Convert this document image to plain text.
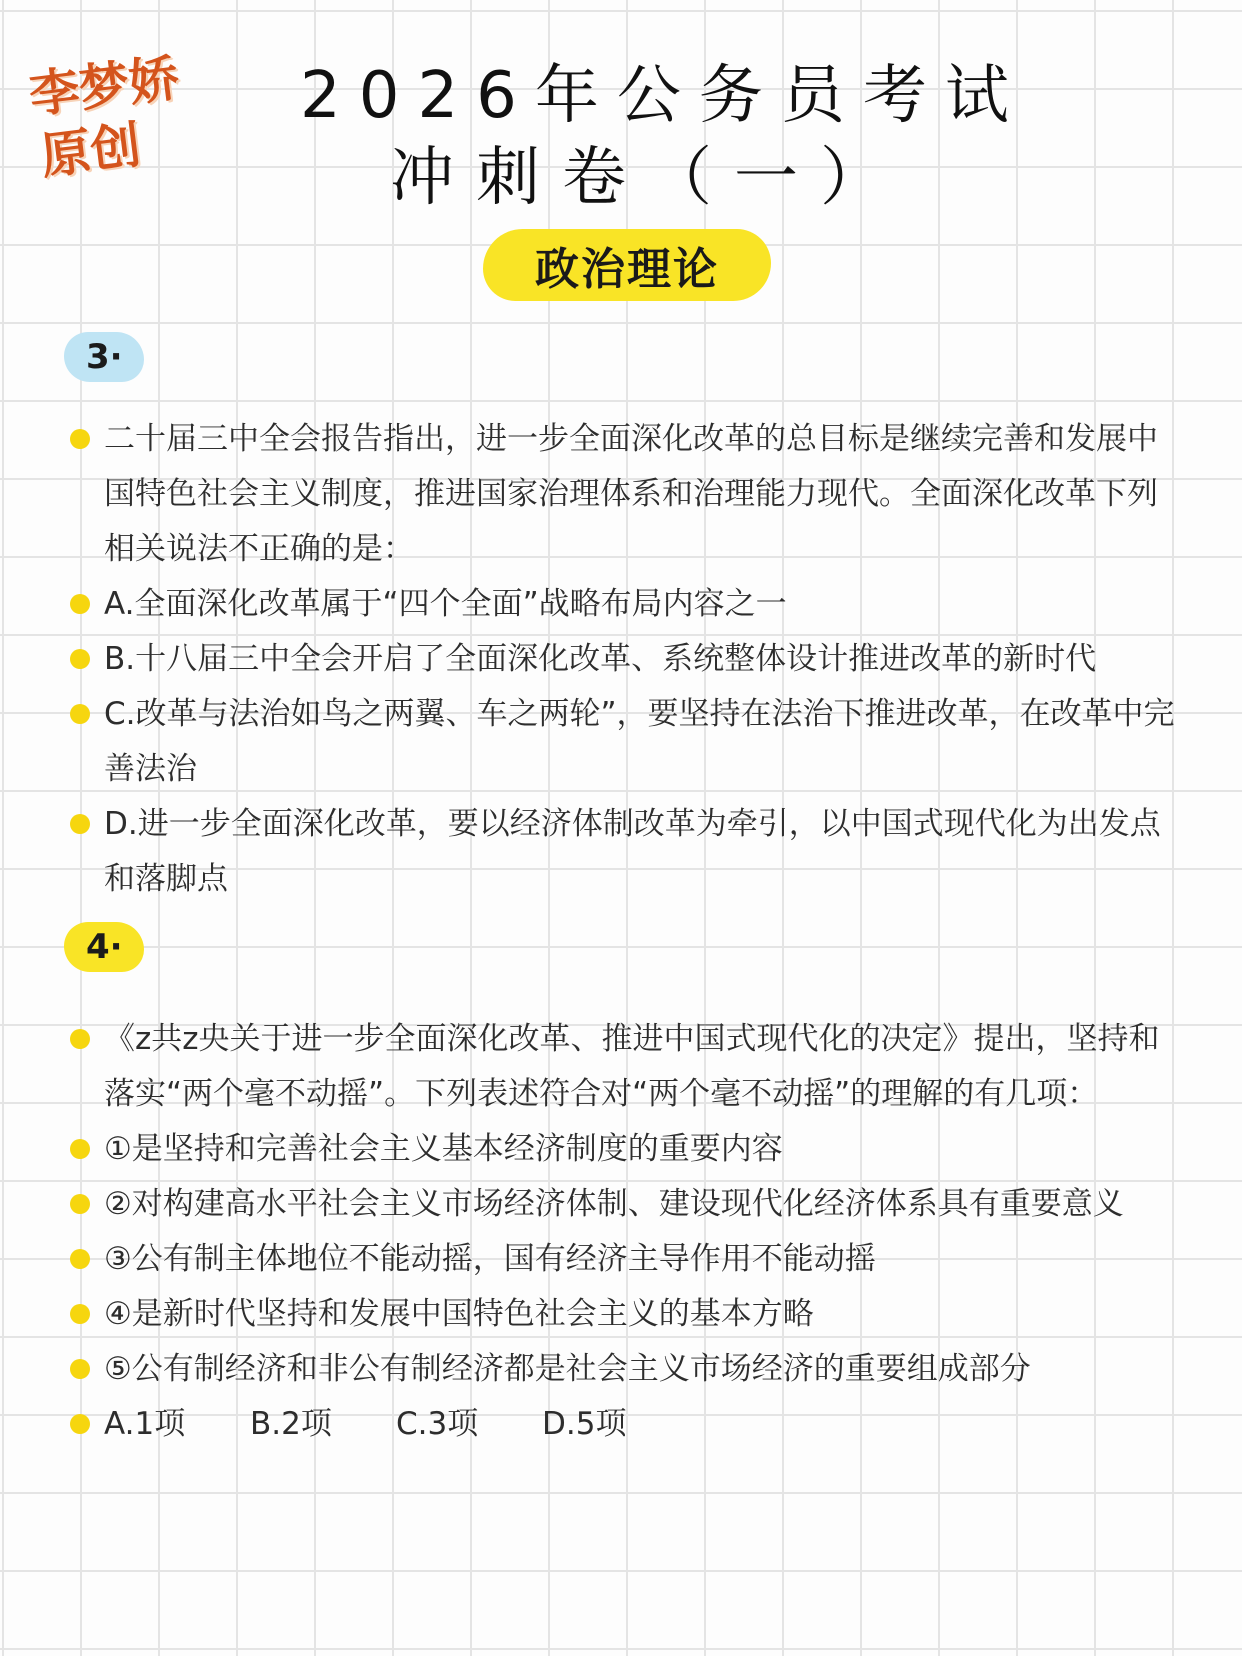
李梦娇
原创
2026年公务员考试
冲刺卷（一）
政治理论
3·
二十届三中全会报告指出，进一步全面深化改革的总目标是继续完善和发展中国特色社会主义制度，推进国家治理体系和治理能力现代。全面深化改革下列相关说法不正确的是：
A.全面深化改革属于“四个全面”战略布局内容之一
B.十八届三中全会开启了全面深化改革、系统整体设计推进改革的新时代
C.改革与法治如鸟之两翼、车之两轮”，要坚持在法治下推进改革，在改革中完善法治
D.进一步全面深化改革，要以经济体制改革为牵引，以中国式现代化为出发点和落脚点
4·
《z共z央关于进一步全面深化改革、推进中国式现代化的决定》提出，坚持和落实“两个毫不动摇”。下列表述符合对“两个毫不动摇”的理解的有几项：
①是坚持和完善社会主义基本经济制度的重要内容
②对构建高水平社会主义市场经济体制、建设现代化经济体系具有重要意义
③公有制主体地位不能动摇，国有经济主导作用不能动摇
④是新时代坚持和发展中国特色社会主义的基本方略
⑤公有制经济和非公有制经济都是社会主义市场经济的重要组成部分
A.1项	B.2项	C.3项	D.5项
